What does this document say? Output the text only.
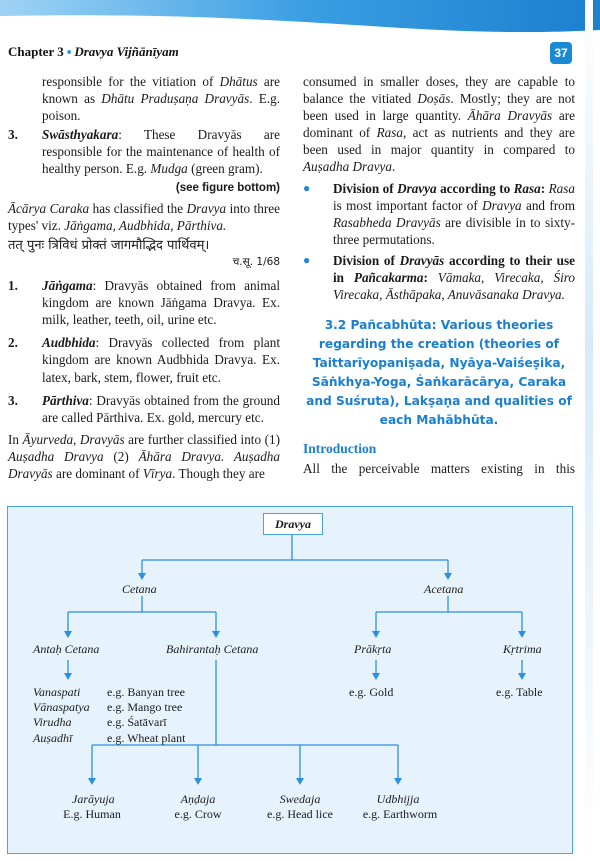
Chapter 3 ▪ Dravya Vijñānīyam	37

responsible for the vitiation of Dhātus are known as Dhātu Praduṣaṇa Dravyās. E.g. poison.

3.	Swāsthyakara: These Dravyās are responsible for the maintenance of health of healthy person. E.g. Mudga (green gram).
(see figure bottom)

Ācārya Caraka has classified the Dravya into three types' viz. Jāṅgama, Audbhida, Pārthiva.

तत् पुनः त्रिविधं प्रोक्तं जागमौद्भिद पार्थिवम्।
च.सू. 1/68
1.	Jāṅgama: Dravyās obtained from animal kingdom are known Jāṅgama Dravya. Ex. milk, leather, teeth, oil, urine etc.
2.	Audbhida: Dravyās collected from plant kingdom are known Audbhida Dravya. Ex. latex, bark, stem, flower, fruit etc.
3.	Pārthiva: Dravyās obtained from the ground are called Pārthiva. Ex. gold, mercury etc.

In Āyurveda, Dravyās are further classified into (1) Auṣadha Dravya (2) Āhāra Dravya. Auṣadha Dravyās are dominant of Vīrya. Though they are

consumed in smaller doses, they are capable to balance the vitiated Doṣās. Mostly; they are not been used in large quantity. Āhāra Dravyās are dominant of Rasa, act as nutrients and they are been used in major quantity in compared to Auṣadha Dravya.

●	Division of Dravya according to Rasa: Rasa is most important factor of Dravya and from Rasabheda Dravyās are divisible in to sixty-three permutations.
●	Division of Dravyās according to their use in Pañcakarma: Vāmaka, Virecaka, Śiro Virecaka, Āsthāpaka, Anuvāsanaka Dravya.
3.2 Pañcabhūta: Various theories regarding the creation (theories of Taittarīyopaniṣada, Nyāya-Vaiśeṣika, Sāṅkhya-Yoga, Śaṅkarācārya, Caraka and Suśruta), Lakṣaṇa and qualities of each Mahābhūta.
Introduction

All the perceivable matters existing in this

Dravya
Cetana	Acetana
Antaḥ Cetana	Bahirantaḥ Cetana	Prākṛta	Kṛtrima
e.g. Gold	e.g. Table
Vanaspati	e.g. Banyan tree
Vānaspatya	e.g. Mango tree
Virudha	e.g. Śatāvarī
Auṣadhī	e.g. Wheat plant
Jarāyuja
E.g. Human
Aṇḍaja
e.g. Crow
Swedaja
e.g. Head lice
Udbhijja
e.g. Earthworm
